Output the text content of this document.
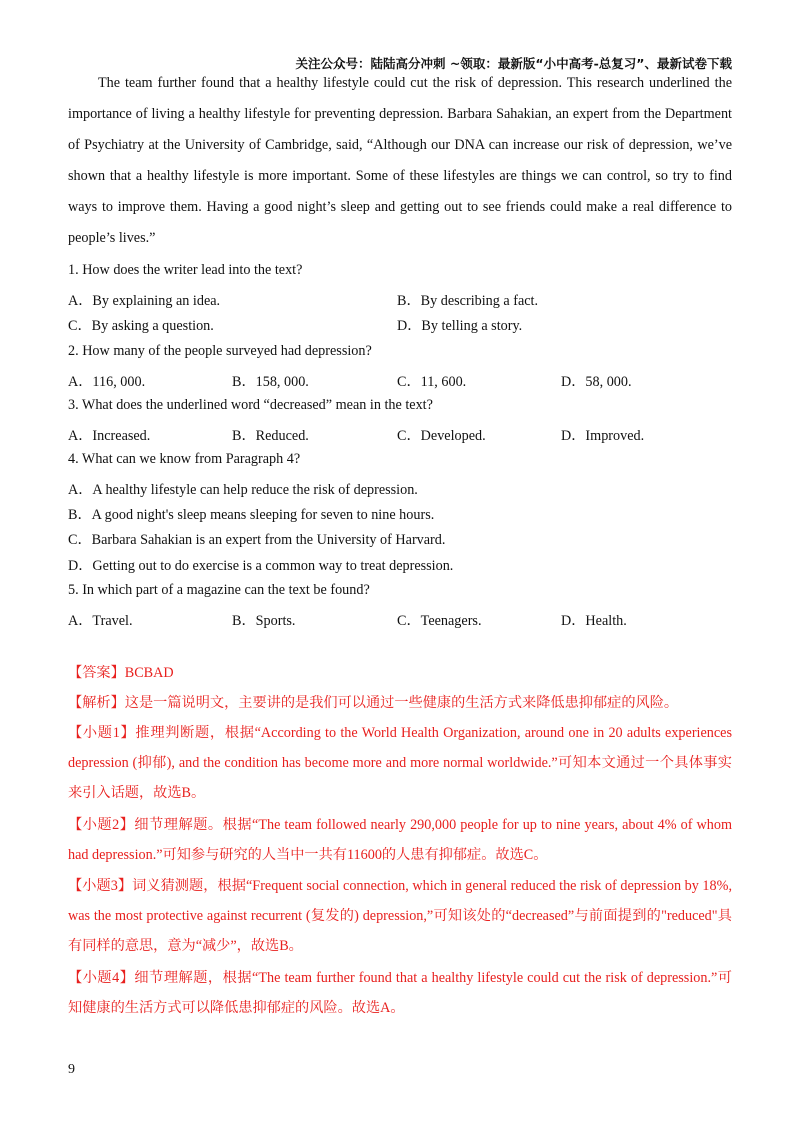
关注公众号：陆陆高分冲刺 ~领取：最新版“小中高考-总复习”、最新试卷下载
The team further found that a healthy lifestyle could cut the risk of depression. This research underlined the importance of living a healthy lifestyle for preventing depression. Barbara Sahakian, an expert from the Department of Psychiatry at the University of Cambridge, said, “Although our DNA can increase our risk of depression, we’ve shown that a healthy lifestyle is more important. Some of these lifestyles are things we can control, so try to find ways to improve them. Having a good night’s sleep and getting out to see friends could make a real difference to people’s lives.”
1. How does the writer lead into the text?
A．By explaining an idea.	B．By describing a fact.
C．By asking a question.	D．By telling a story.
2. How many of the people surveyed had depression?
A．116, 000.	B．158, 000.	C．11, 600.	D．58, 000.
3. What does the underlined word “decreased” mean in the text?
A．Increased.	B．Reduced.	C．Developed.	D．Improved.
4. What can we know from Paragraph 4?
A．A healthy lifestyle can help reduce the risk of depression.
B．A good night's sleep means sleeping for seven to nine hours.
C．Barbara Sahakian is an expert from the University of Harvard.
D．Getting out to do exercise is a common way to treat depression.
5. In which part of a magazine can the text be found?
A．Travel.	B．Sports.	C．Teenagers.	D．Health.
【答案】BCBAD
【解析】这是一篇说明文，主要讲的是我们可以通过一些健康的生活方式来降低患抑郁症的风险。
【小题1】推理判断题，根据“According to the World Health Organization, around one in 20 adults experiences depression (抑郁), and the condition has become more and more normal worldwide.”可知本文通过一个具体事实来引入话题，故选B。
【小题2】细节理解题。根据“The team followed nearly 290,000 people for up to nine years, about 4% of whom had depression.”可知参与研究的人当中一共有11600的人患有抑郁症。故选C。
【小题3】词义猜测题，根据“Frequent social connection, which in general reduced the risk of depression by 18%, was the most protective against recurrent (复发的) depression,”可知该处的“decreased”与前面提到的"reduced"具有同样的意思，意为“减少”，故选B。
【小题4】细节理解题，根据“The team further found that a healthy lifestyle could cut the risk of depression.”可知健康的生活方式可以降低患抑郁症的风险。故选A。
9
